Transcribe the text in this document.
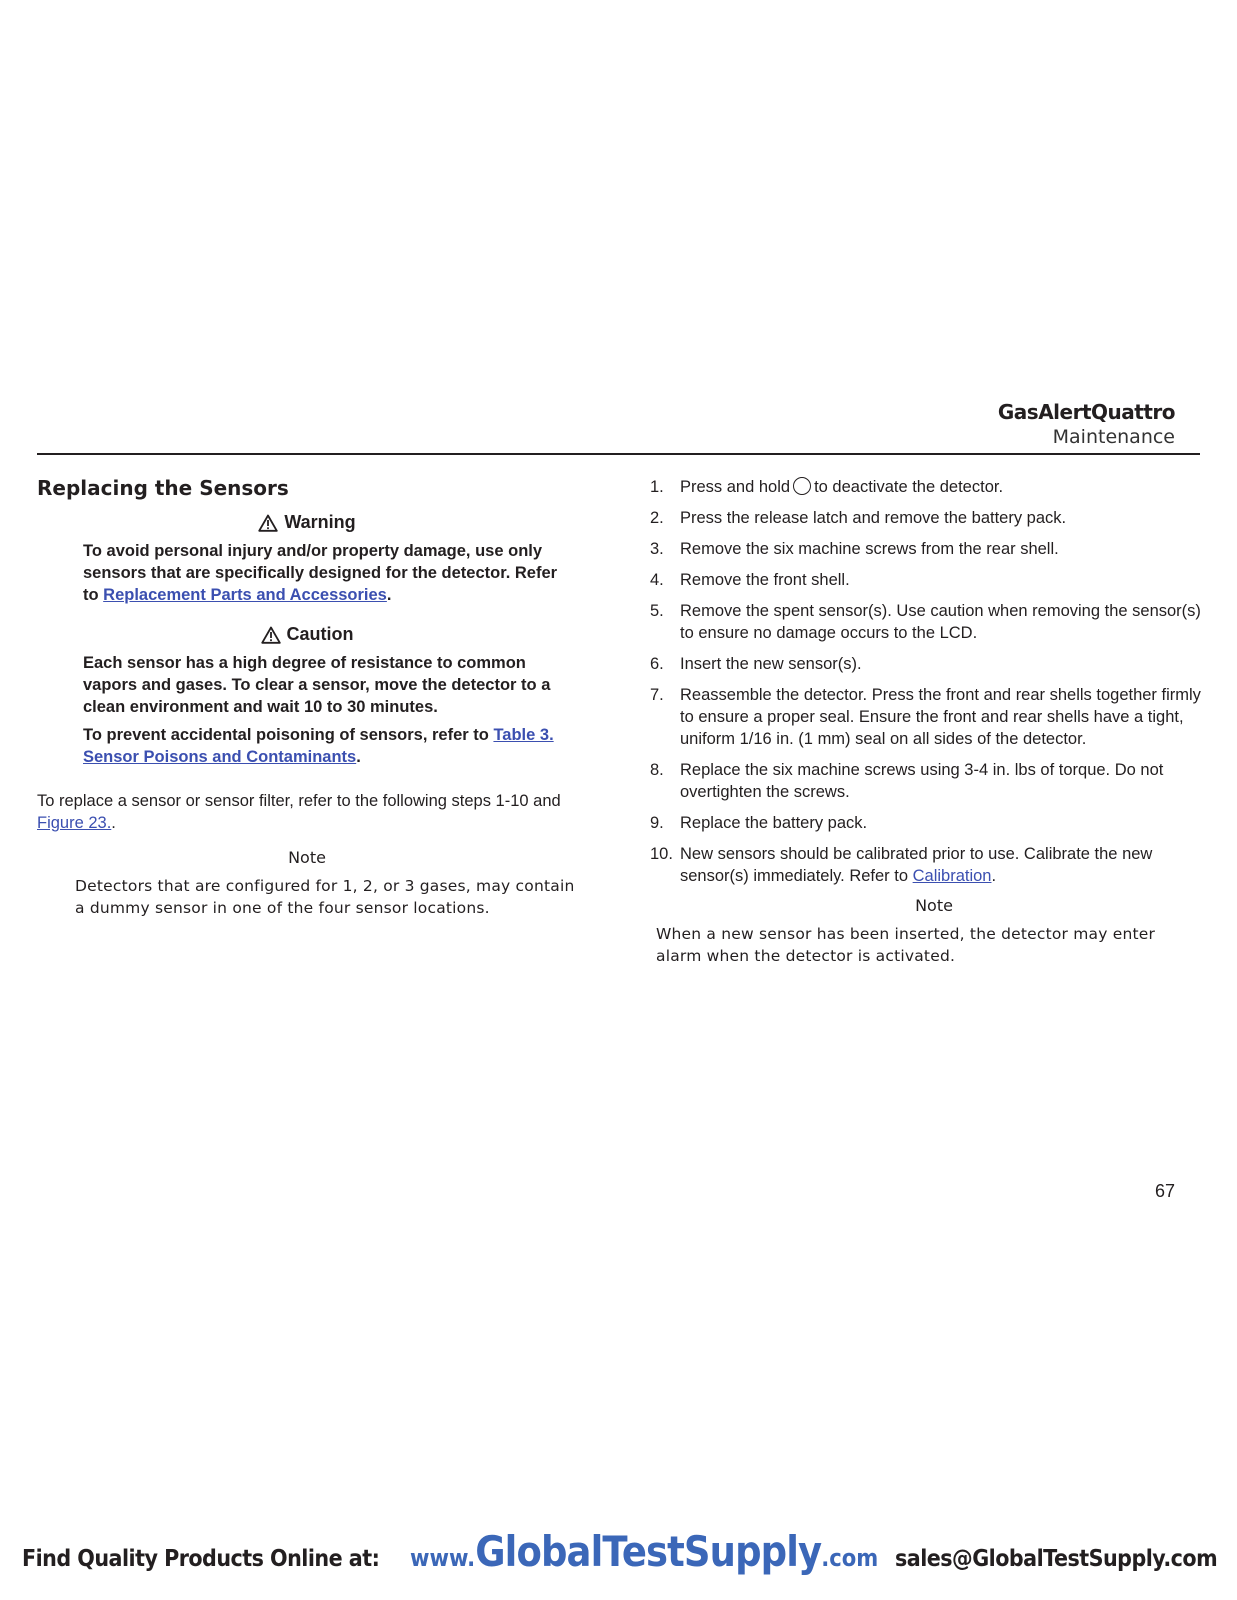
GasAlertQuattro
Maintenance
Replacing the Sensors
Warning

To avoid personal injury and/or property damage, use only sensors that are specifically designed for the detector. Refer to Replacement Parts and Accessories.

Caution

Each sensor has a high degree of resistance to common vapors and gases. To clear a sensor, move the detector to a clean environment and wait 10 to 30 minutes.

To prevent accidental poisoning of sensors, refer to Table 3. Sensor Poisons and Contaminants.

To replace a sensor or sensor filter, refer to the following steps 1-10 and Figure 23..

Note
Detectors that are configured for 1, 2, or 3 gases, may contain a dummy sensor in one of the four sensor locations.
1. Press and hold to deactivate the detector.
2. Press the release latch and remove the battery pack.
3. Remove the six machine screws from the rear shell.
4. Remove the front shell.
5. Remove the spent sensor(s). Use caution when removing the sensor(s) to ensure no damage occurs to the LCD.
6. Insert the new sensor(s).
7. Reassemble the detector. Press the front and rear shells together firmly to ensure a proper seal. Ensure the front and rear shells have a tight, uniform 1/16 in. (1 mm) seal on all sides of the detector.
8. Replace the six machine screws using 3-4 in. lbs of torque. Do not overtighten the screws.
9. Replace the battery pack.
10. New sensors should be calibrated prior to use. Calibrate the new sensor(s) immediately. Refer to Calibration.
Note
When a new sensor has been inserted, the detector may enter alarm when the detector is activated.
67
Find Quality Products Online at: www.GlobalTestSupply.com sales@GlobalTestSupply.com
